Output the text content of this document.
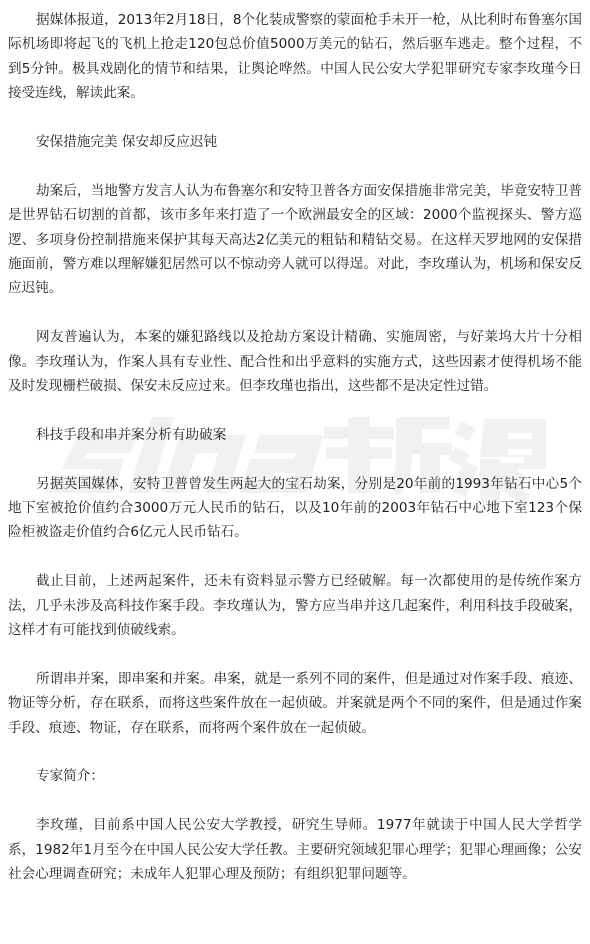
据媒体报道，2013年2月18日，8个化装成警察的蒙面枪手未开一枪，从比利时布鲁塞尔国际机场即将起飞的飞机上抢走120包总价值5000万美元的钻石，然后驱车逃走。整个过程，不到5分钟。极具戏剧化的情节和结果，让舆论哗然。中国人民公安大学犯罪研究专家李玫瑾今日接受连线，解读此案。

安保措施完美 保安却反应迟钝

劫案后，当地警方发言人认为布鲁塞尔和安特卫普各方面安保措施非常完美，毕竟安特卫普是世界钻石切割的首都，该市多年来打造了一个欧洲最安全的区域：2000个监视探头、警方巡逻、多项身份控制措施来保护其每天高达2亿美元的粗钻和精钻交易。在这样天罗地网的安保措施面前，警方难以理解嫌犯居然可以不惊动旁人就可以得逞。对此，李玫瑾认为，机场和保安反应迟钝。

网友普遍认为，本案的嫌犯路线以及抢劫方案设计精确、实施周密，与好莱坞大片十分相像。李玫瑾认为，作案人具有专业性、配合性和出乎意料的实施方式，这些因素才使得机场不能及时发现栅栏破损、保安未反应过来。但李玫瑾也指出，这些都不是决定性过错。

科技手段和串并案分析有助破案

另据英国媒体，安特卫普曾发生两起大的宝石劫案，分别是20年前的1993年钻石中心5个地下室被抢价值约合3000万元人民币的钻石，以及10年前的2003年钻石中心地下室123个保险柜被盗走价值约合6亿元人民币钻石。

截止目前，上述两起案件，还未有资料显示警方已经破解。每一次都使用的是传统作案方法，几乎未涉及高科技作案手段。李玫瑾认为，警方应当串并这几起案件，利用科技手段破案，这样才有可能找到侦破线索。

所谓串并案，即串案和并案。串案，就是一系列不同的案件，但是通过对作案手段、痕迹、物证等分析，存在联系，而将这些案件放在一起侦破。并案就是两个不同的案件，但是通过作案手段、痕迹、物证，存在联系，而将两个案件放在一起侦破。

专家简介：

李玫瑾，目前系中国人民公安大学教授，研究生导师。1977年就读于中国人民大学哲学系，1982年1月至今在中国人民公安大学任教。主要研究领域犯罪心理学；犯罪心理画像；公安社会心理调查研究；未成年人犯罪心理及预防；有组织犯罪问题等。
